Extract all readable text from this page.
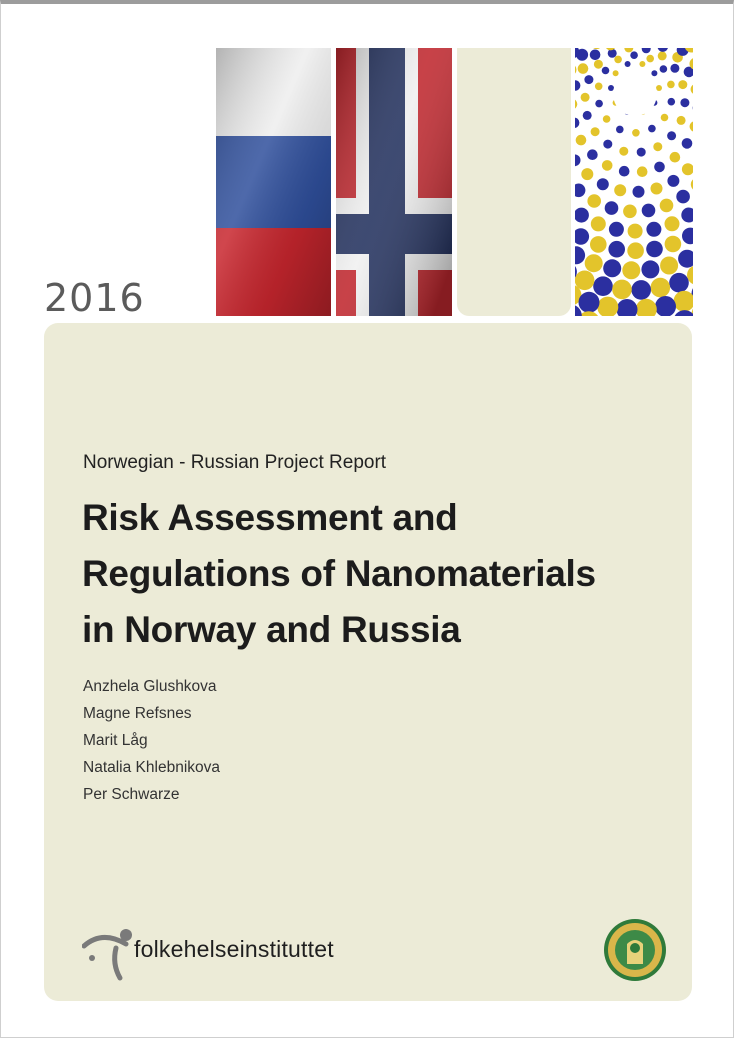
2016
Norwegian - Russian Project Report
Risk Assessment and
Regulations of Nanomaterials
in Norway and Russia
Anzhela Glushkova
Magne Refsnes
Marit Låg
Natalia Khlebnikova
Per Schwarze
folkehelseinstituttet
